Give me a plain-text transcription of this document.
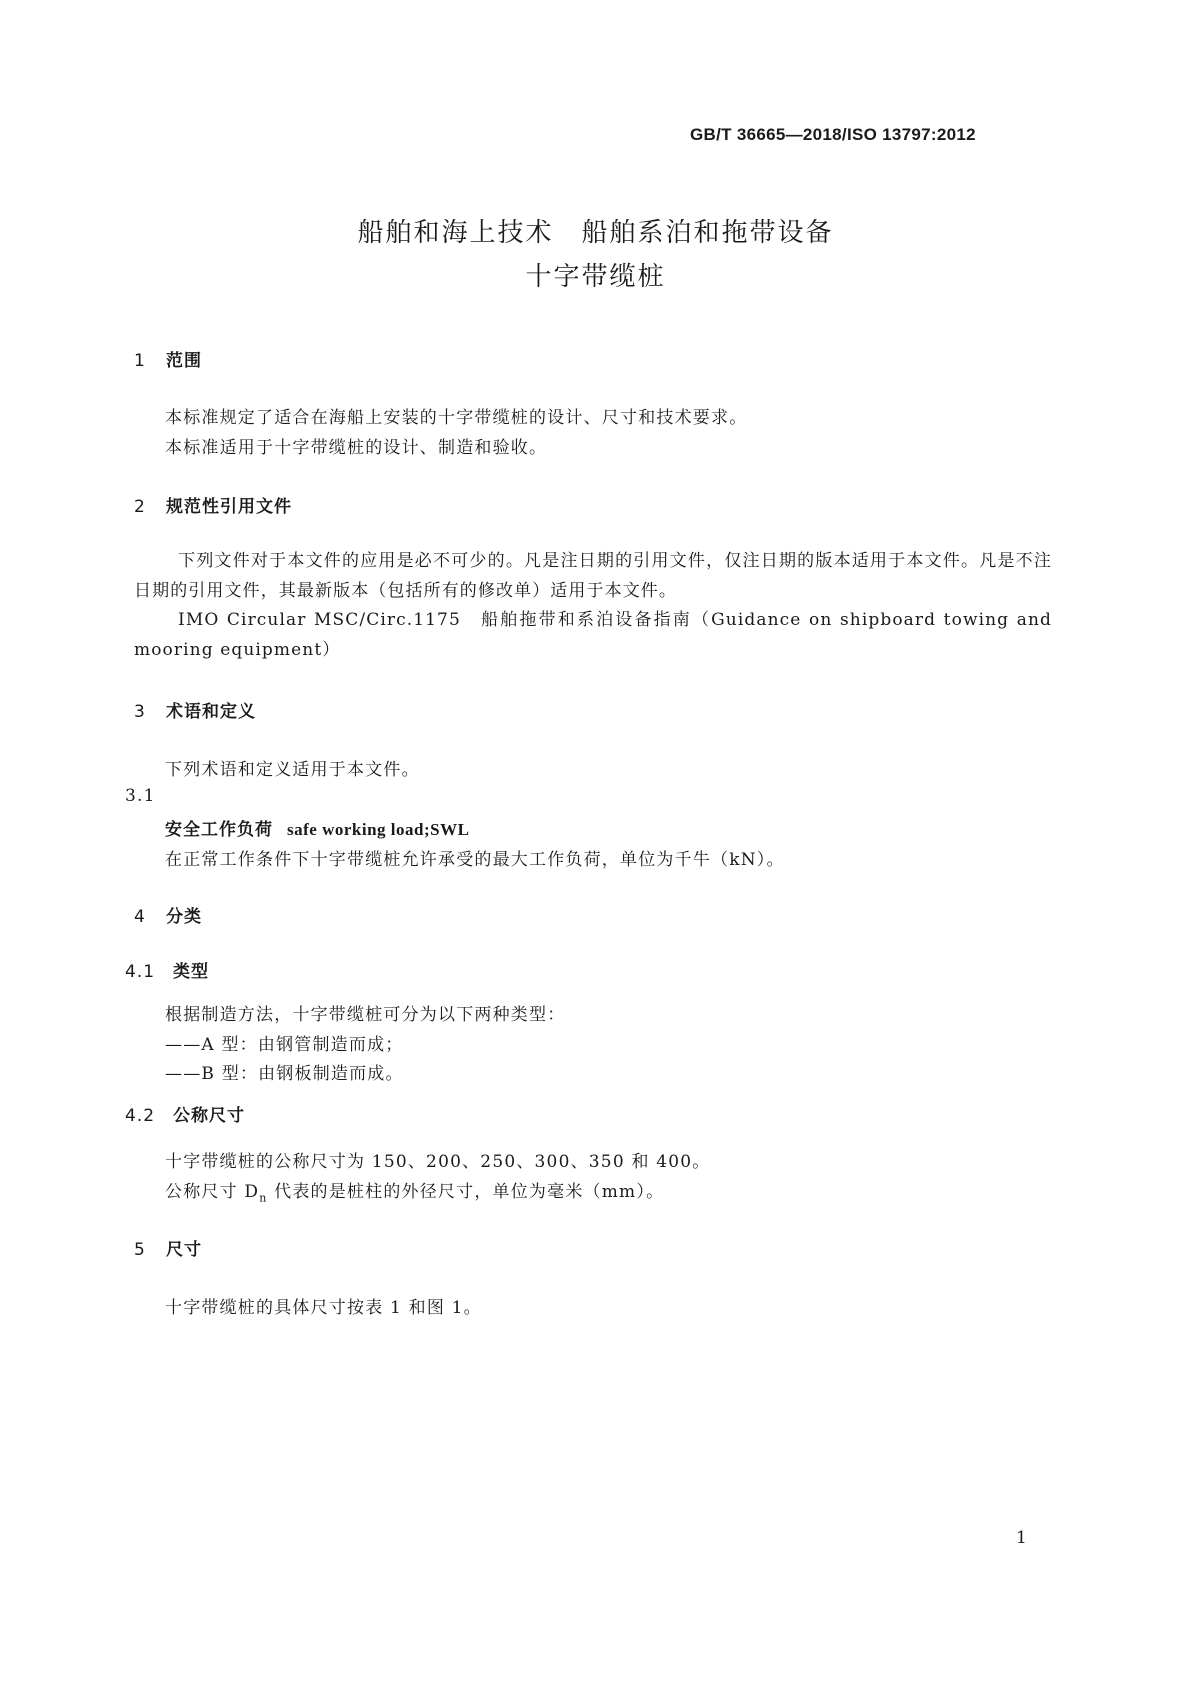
GB/T 36665—2018/ISO 13797:2012
船舶和海上技术　船舶系泊和拖带设备
十字带缆桩
1 范围
本标准规定了适合在海船上安装的十字带缆桩的设计、尺寸和技术要求。
本标准适用于十字带缆桩的设计、制造和验收。
2 规范性引用文件
下列文件对于本文件的应用是必不可少的。凡是注日期的引用文件，仅注日期的版本适用于本文件。凡是不注日期的引用文件，其最新版本（包括所有的修改单）适用于本文件。
IMO Circular MSC/Circ.1175　船舶拖带和系泊设备指南（Guidance on shipboard towing and mooring equipment）
3 术语和定义
下列术语和定义适用于本文件。
3.1
安全工作负荷 safe working load;SWL
在正常工作条件下十字带缆桩允许承受的最大工作负荷，单位为千牛（kN）。
4 分类
4.1 类型
根据制造方法，十字带缆桩可分为以下两种类型：
——A 型：由钢管制造而成；
——B 型：由钢板制造而成。
4.2 公称尺寸
十字带缆桩的公称尺寸为 150、200、250、300、350 和 400。
公称尺寸 $D_n$ 代表的是桩柱的外径尺寸，单位为毫米（mm）。
5 尺寸
十字带缆桩的具体尺寸按表 1 和图 1。
1
